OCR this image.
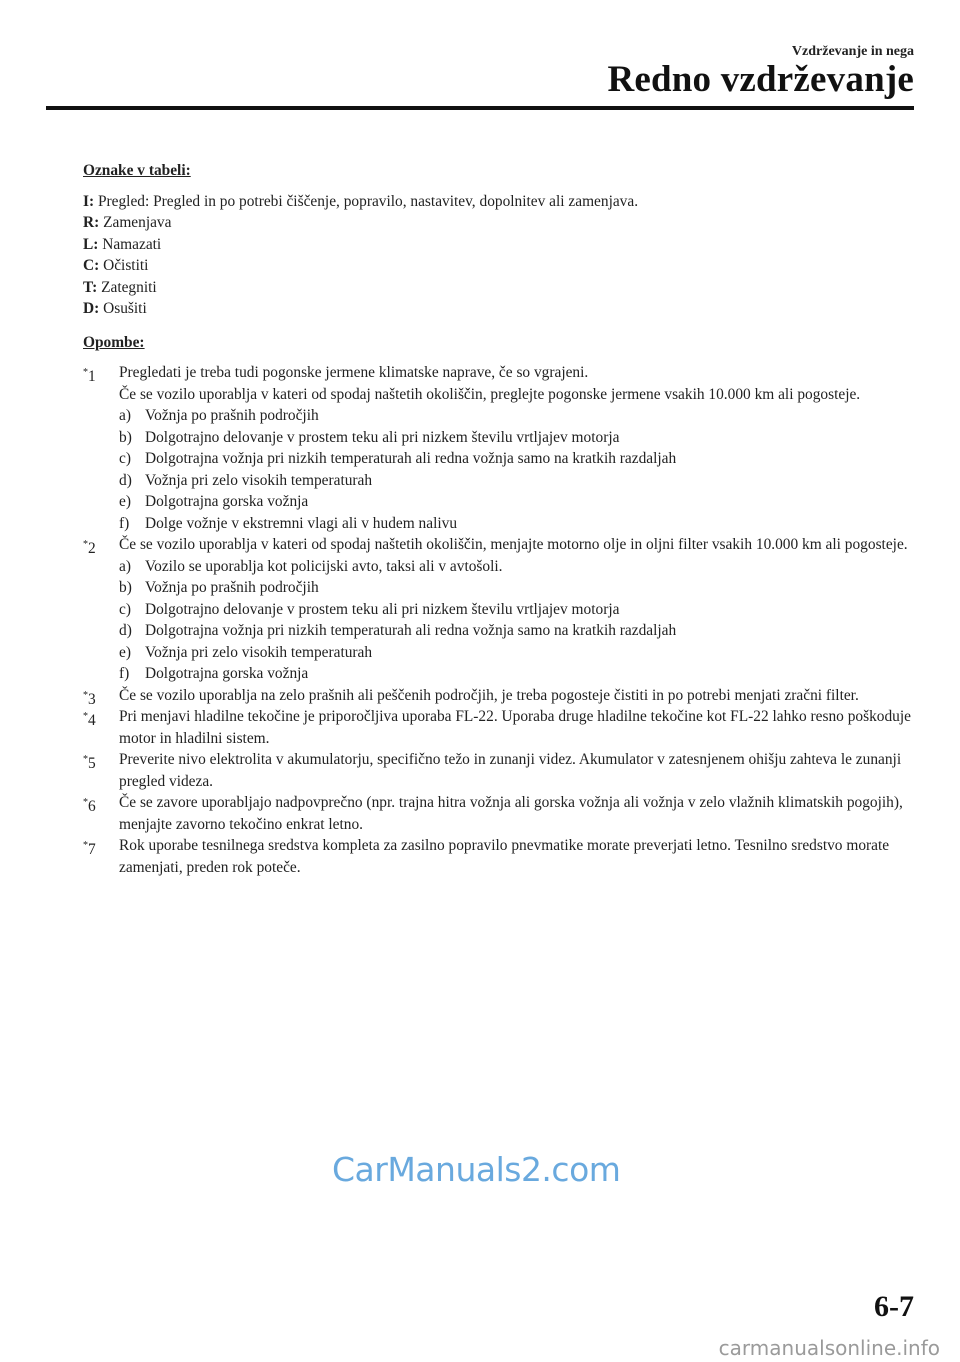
Vzdrževanje in nega
Redno vzdrževanje
Oznake v tabeli:
I: Pregled: Pregled in po potrebi čiščenje, popravilo, nastavitev, dopolnitev ali zamenjava.
R: Zamenjava
L: Namazati
C: Očistiti
T: Zategniti
D: Osušiti
Opombe:
*1 Pregledati je treba tudi pogonske jermene klimatske naprave, če so vgrajeni.
Če se vozilo uporablja v kateri od spodaj naštetih okoliščin, preglejte pogonske jermene vsakih 10.000 km ali pogosteje.
a) Vožnja po prašnih področjih
b) Dolgotrajno delovanje v prostem teku ali pri nizkem številu vrtljajev motorja
c) Dolgotrajna vožnja pri nizkih temperaturah ali redna vožnja samo na kratkih razdaljah
d) Vožnja pri zelo visokih temperaturah
e) Dolgotrajna gorska vožnja
f) Dolge vožnje v ekstremni vlagi ali v hudem nalivu
*2 Če se vozilo uporablja v kateri od spodaj naštetih okoliščin, menjajte motorno olje in oljni filter vsakih 10.000 km ali pogosteje.
a) Vozilo se uporablja kot policijski avto, taksi ali v avtošoli.
b) Vožnja po prašnih področjih
c) Dolgotrajno delovanje v prostem teku ali pri nizkem številu vrtljajev motorja
d) Dolgotrajna vožnja pri nizkih temperaturah ali redna vožnja samo na kratkih razdaljah
e) Vožnja pri zelo visokih temperaturah
f) Dolgotrajna gorska vožnja
*3 Če se vozilo uporablja na zelo prašnih ali peščenih področjih, je treba pogosteje čistiti in po potrebi menjati zračni filter.
*4 Pri menjavi hladilne tekočine je priporočljiva uporaba FL-22. Uporaba druge hladilne tekočine kot FL-22 lahko resno poškoduje motor in hladilni sistem.
*5 Preverite nivo elektrolita v akumulatorju, specifično težo in zunanji videz. Akumulator v zatesnjenem ohišju zahteva le zunanji pregled videza.
*6 Če se zavore uporabljajo nadpovprečno (npr. trajna hitra vožnja ali gorska vožnja ali vožnja v zelo vlažnih klimatskih pogojih), menjajte zavorno tekočino enkrat letno.
*7 Rok uporabe tesnilnega sredstva kompleta za zasilno popravilo pnevmatike morate preverjati letno. Tesnilno sredstvo morate zamenjati, preden rok poteče.
CarManuals2.com
6-7
carmanualsonline.info
